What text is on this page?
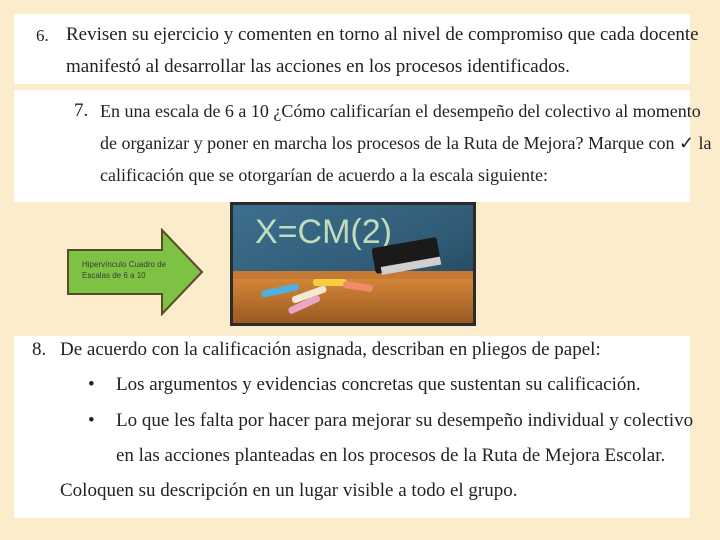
6. Revisen su ejercicio y comenten en torno al nivel de compromiso que cada docente
manifestó al desarrollar las acciones en los procesos identificados.
7. En una escala de 6 a 10 ¿Cómo calificarían el desempeño del colectivo al momento
de organizar y poner en marcha los procesos de la Ruta de Mejora? Marque con ✓ la
calificación que se otorgarían de acuerdo a la escala siguiente:
Hipervínculo Cuadro de Escalas de 6 a 10
X=CM(2)
8. De acuerdo con la calificación asignada, describan en pliegos de papel:
• Los argumentos y evidencias concretas que sustentan su calificación.
• Lo que les falta por hacer para mejorar su desempeño individual y colectivo
en las acciones planteadas en los procesos de la Ruta de Mejora Escolar.
Coloquen su descripción en un lugar visible a todo el grupo.
